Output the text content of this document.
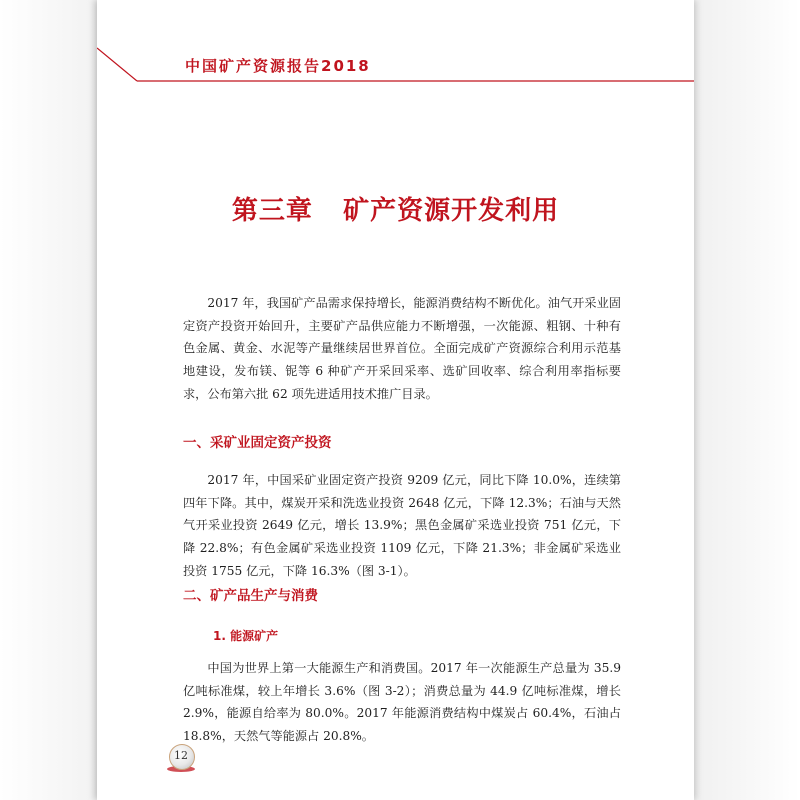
中国矿产资源报告2018
第三章   矿产资源开发利用
2017 年，我国矿产品需求保持增长，能源消费结构不断优化。油气开采业固定资产投资开始回升，主要矿产品供应能力不断增强，一次能源、粗钢、十种有色金属、黄金、水泥等产量继续居世界首位。全面完成矿产资源综合利用示范基地建设，发布镁、铌等 6 种矿产开采回采率、选矿回收率、综合利用率指标要求，公布第六批 62 项先进适用技术推广目录。
一、采矿业固定资产投资
2017 年，中国采矿业固定资产投资 9209 亿元，同比下降 10.0%，连续第四年下降。其中，煤炭开采和洗选业投资 2648 亿元，下降 12.3%；石油与天然气开采业投资 2649 亿元，增长 13.9%；黑色金属矿采选业投资 751 亿元，下降 22.8%；有色金属矿采选业投资 1109 亿元，下降 21.3%；非金属矿采选业投资 1755 亿元，下降 16.3%（图 3-1）。
二、矿产品生产与消费
1. 能源矿产
中国为世界上第一大能源生产和消费国。2017 年一次能源生产总量为 35.9 亿吨标准煤，较上年增长 3.6%（图 3-2）；消费总量为 44.9 亿吨标准煤，增长 2.9%，能源自给率为 80.0%。2017 年能源消费结构中煤炭占 60.4%，石油占 18.8%，天然气等能源占 20.8%。
12
